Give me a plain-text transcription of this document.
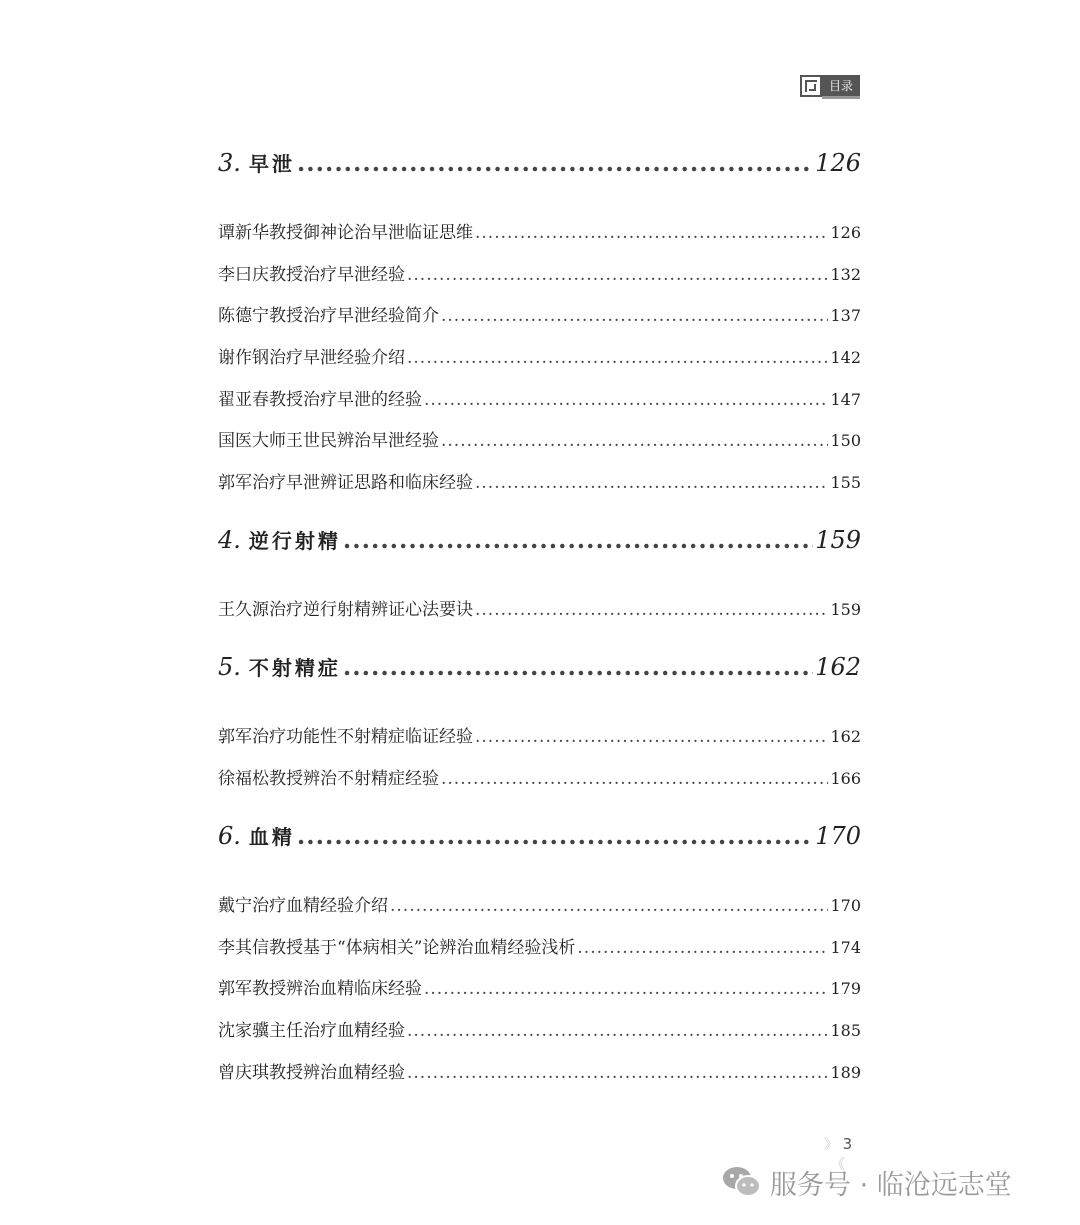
目录
3. 早泄 .....	126
谭新华教授御神论治早泄临证思维 .....	126
李曰庆教授治疗早泄经验 .....	132
陈德宁教授治疗早泄经验简介 .....	137
谢作钢治疗早泄经验介绍 .....	142
翟亚春教授治疗早泄的经验 .....	147
国医大师王世民辨治早泄经验 .....	150
郭军治疗早泄辨证思路和临床经验 .....	155
4. 逆行射精 .....	159
王久源治疗逆行射精辨证心法要诀 .....	159
5. 不射精症 .....	162
郭军治疗功能性不射精症临证经验 .....	162
徐福松教授辨治不射精症经验 .....	166
6. 血精 .....	170
戴宁治疗血精经验介绍 .....	170
李其信教授基于“体病相关”论辨治血精经验浅析 .....	174
郭军教授辨治血精临床经验 .....	179
沈家骥主任治疗血精经验 .....	185
曾庆琪教授辨治血精经验 .....	189
》 3 《
服务号 · 临沧远志堂
